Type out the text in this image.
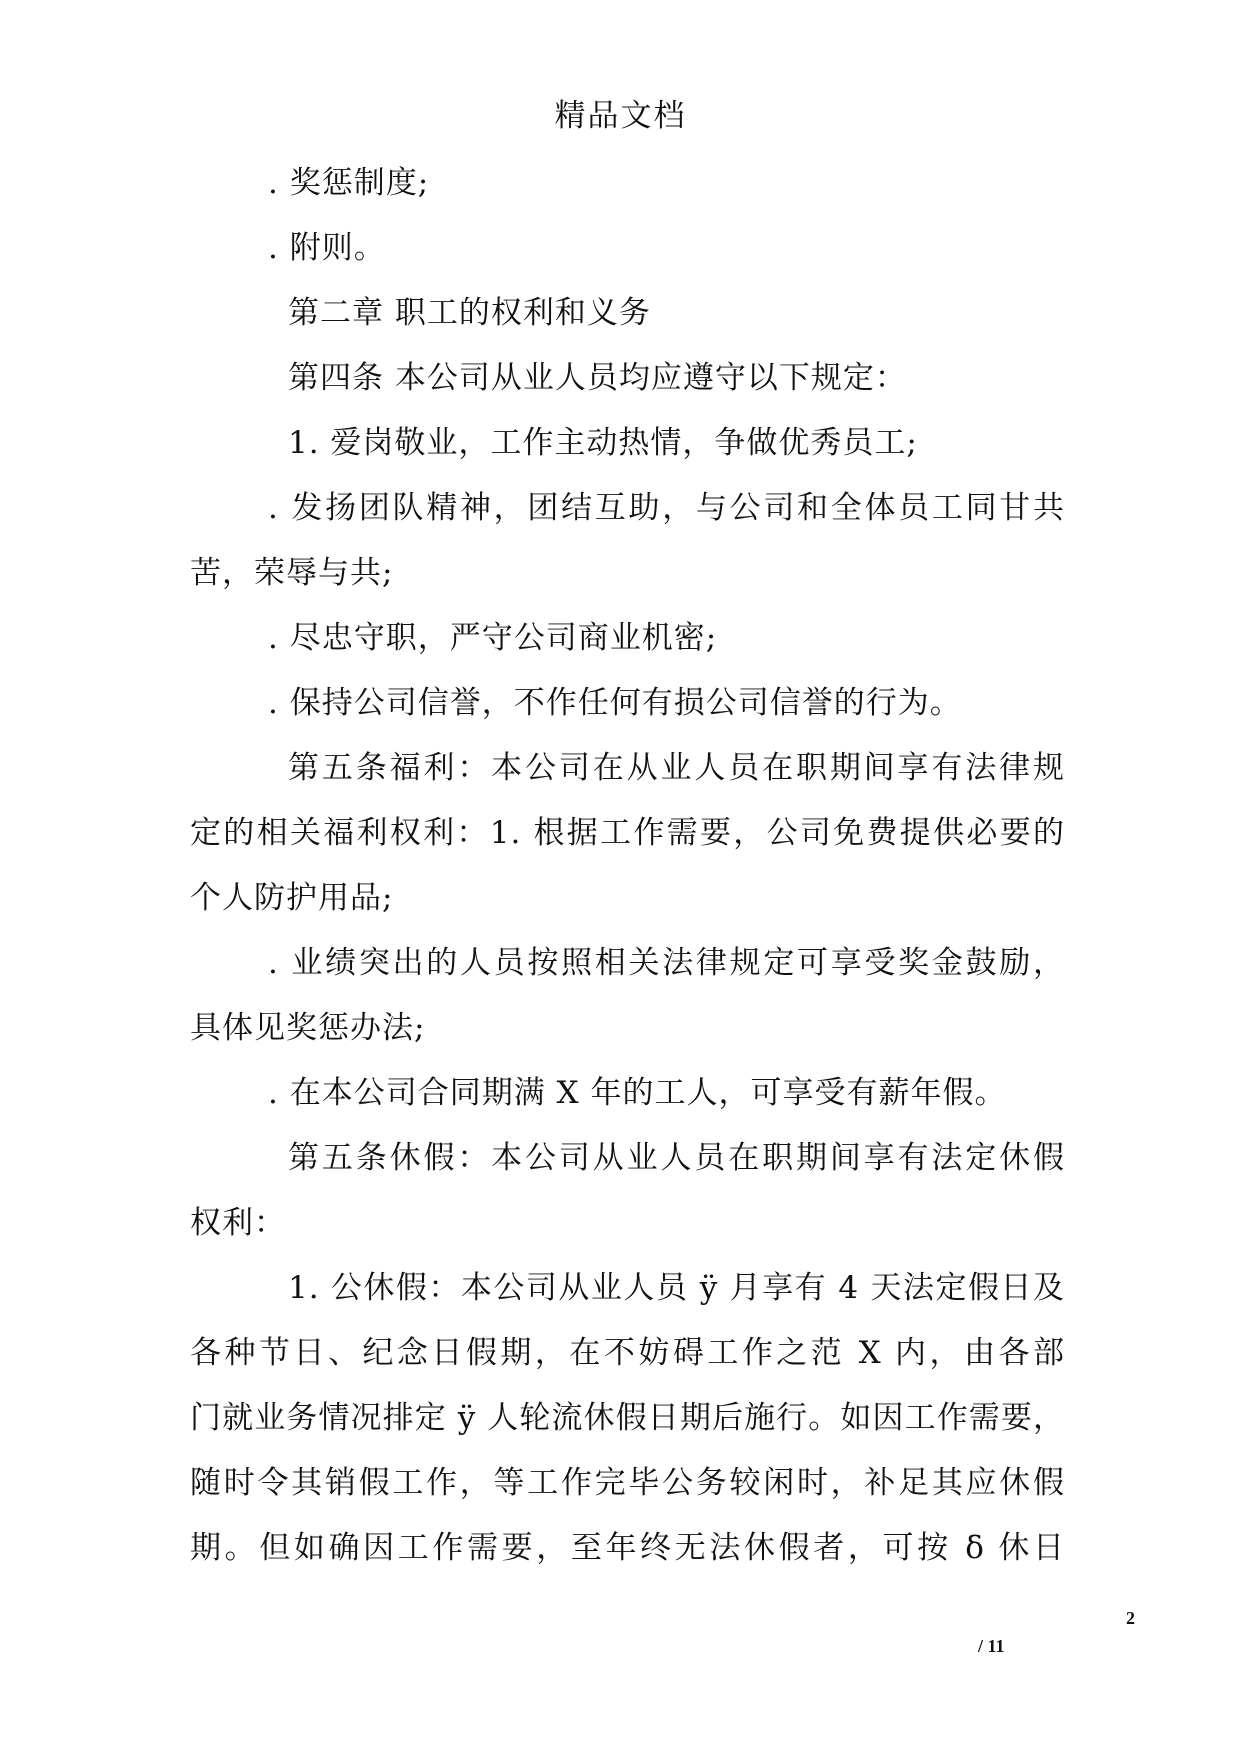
精品文档
. 奖惩制度;
. 附则。
第二章 职工的权利和义务
第四条 本公司从业人员均应遵守以下规定：
1. 爱岗敬业，工作主动热情，争做优秀员工;
. 发扬团队精神，团结互助，与公司和全体员工同甘共
苦，荣辱与共;
. 尽忠守职，严守公司商业机密;
. 保持公司信誉，不作任何有损公司信誉的行为。
第五条福利：本公司在从业人员在职期间享有法律规
定的相关福利权利：1. 根据工作需要，公司免费提供必要的
个人防护用品;
. 业绩突出的人员按照相关法律规定可享受奖金鼓励，
具体见奖惩办法;
. 在本公司合同期满 X 年的工人，可享受有薪年假。
第五条休假：本公司从业人员在职期间享有法定休假
权利：
1. 公休假：本公司从业人员 ÿ 月享有 4 天法定假日及
各种节日、纪念日假期，在不妨碍工作之范 X 内，由各部
门就业务情况排定 ÿ 人轮流休假日期后施行。如因工作需要，
随时令其销假工作，等工作完毕公务较闲时，补足其应休假
期。但如确因工作需要，至年终无法休假者，可按 δ 休日
2
/ 11
